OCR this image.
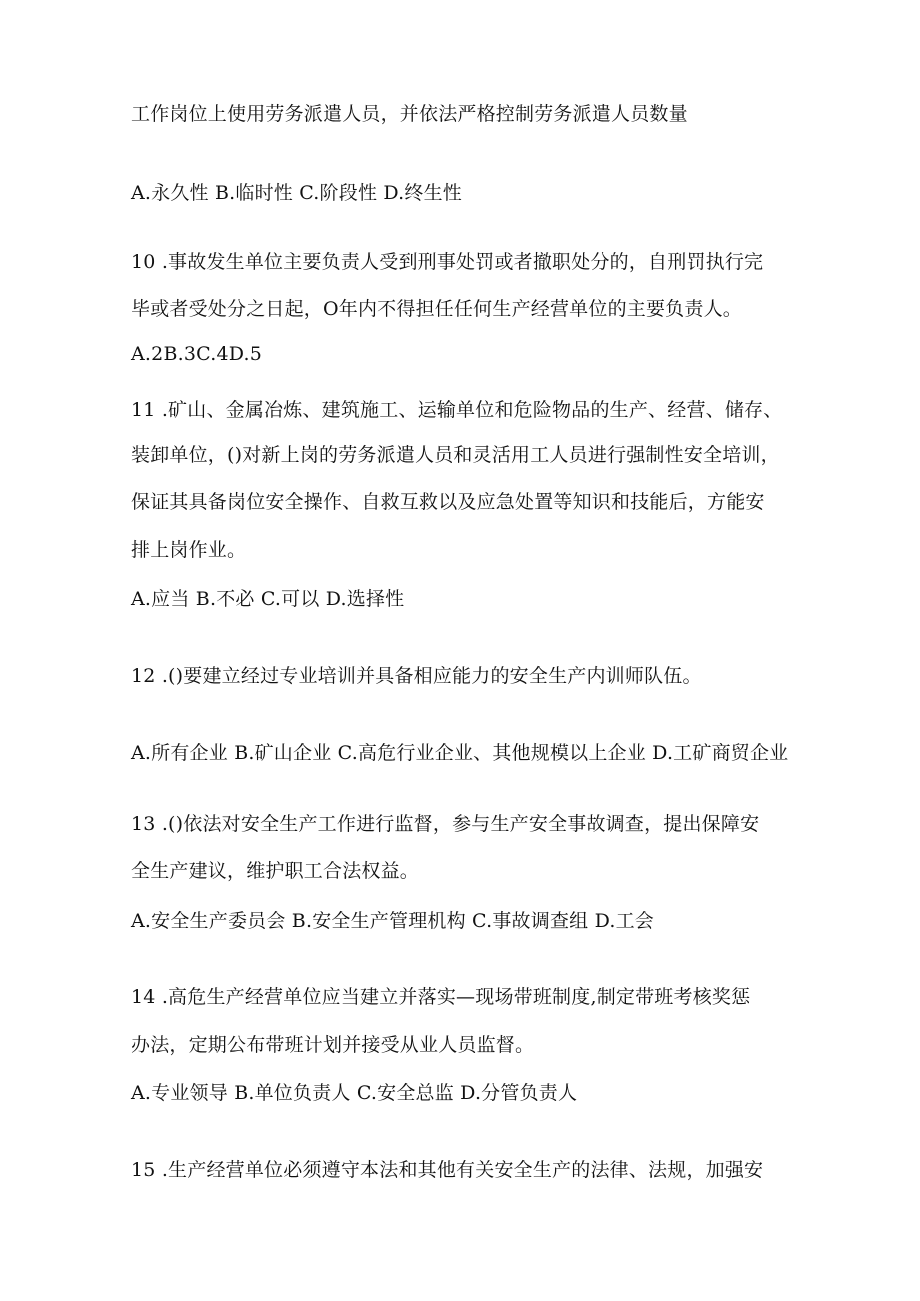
工作岗位上使用劳务派遣人员，并依法严格控制劳务派遣人员数量
A.永久性 B.临时性 C.阶段性 D.终生性
10 .事故发生单位主要负责人受到刑事处罚或者撤职处分的，自刑罚执行完
毕或者受处分之日起，O年内不得担任任何生产经营单位的主要负责人。
A.2B.3C.4D.5
11 .矿山、金属冶炼、建筑施工、运输单位和危险物品的生产、经营、储存、
装卸单位，()对新上岗的劳务派遣人员和灵活用工人员进行强制性安全培训，
保证其具备岗位安全操作、自救互救以及应急处置等知识和技能后，方能安
排上岗作业。
A.应当 B.不必 C.可以 D.选择性
12 .()要建立经过专业培训并具备相应能力的安全生产内训师队伍。
A.所有企业 B.矿山企业 C.高危行业企业、其他规模以上企业 D.工矿商贸企业
13 .()依法对安全生产工作进行监督，参与生产安全事故调查，提出保障安
全生产建议，维护职工合法权益。
A.安全生产委员会 B.安全生产管理机构 C.事故调查组 D.工会
14 .高危生产经营单位应当建立并落实—现场带班制度,制定带班考核奖惩
办法，定期公布带班计划并接受从业人员监督。
A.专业领导 B.单位负责人 C.安全总监 D.分管负责人
15 .生产经营单位必须遵守本法和其他有关安全生产的法律、法规，加强安
